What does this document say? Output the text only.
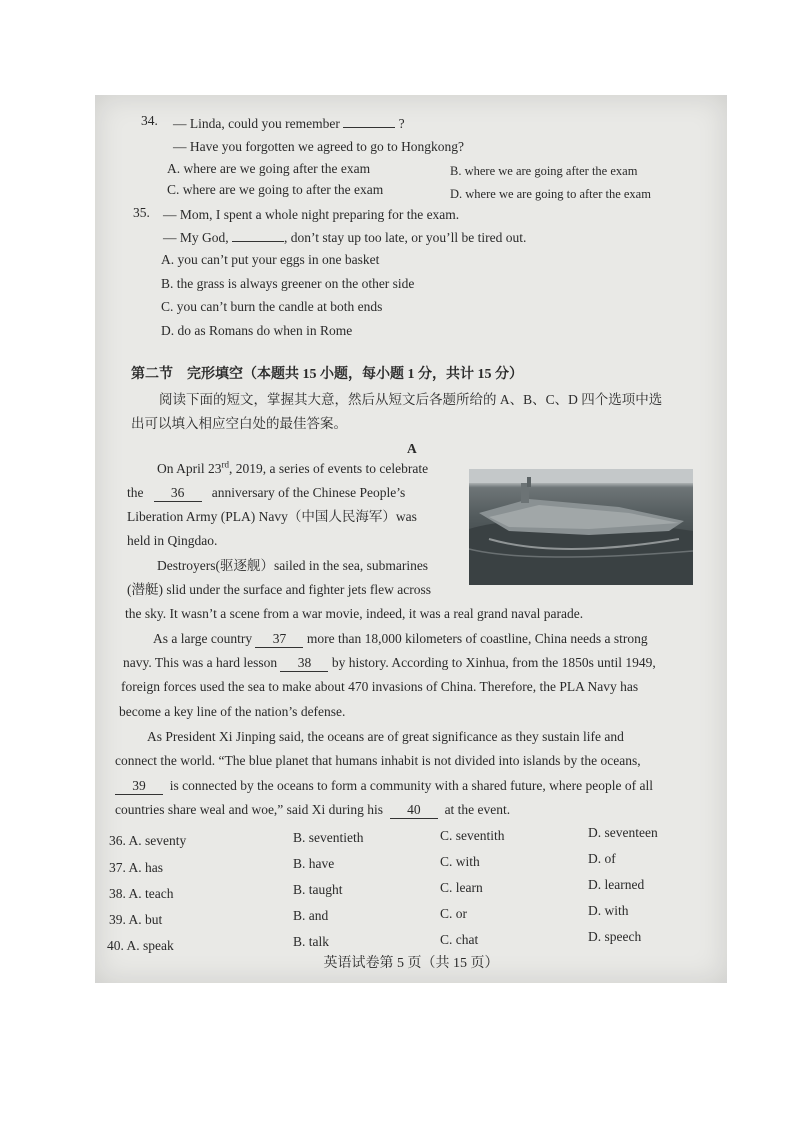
34. — Linda, could you remember	?
— Have you forgotten we agreed to go to Hongkong?
A. where are we going after the exam	B. where we are going after the exam
C. where are we going to after the exam	D. where we are going to after the exam
35. — Mom, I spent a whole night preparing for the exam.
— My God,	, don’t stay up too late, or you’ll be tired out.
A. you can’t put your eggs in one basket
B. the grass is always greener on the other side
C. you can’t burn the candle at both ends
D. do as Romans do when in Rome
第二节　完形填空（本题共 15 小题，每小题 1 分，共计 15 分）
阅读下面的短文，掌握其大意，然后从短文后各题所给的 A、B、C、D 四个选项中选
出可以填入相应空白处的最佳答案。
A
On April 23rd, 2019, a series of events to celebrate
the 36 anniversary of the Chinese People’s
Liberation Army (PLA) Navy（中国人民海军）was
held in Qingdao.
Destroyers(驱逐舰）sailed in the sea, submarines
(潜艇) slid under the surface and fighter jets flew across
the sky. It wasn’t a scene from a war movie, indeed, it was a real grand naval parade.
As a large country 37 more than 18,000 kilometers of coastline, China needs a strong
navy. This was a hard lesson 38 by history. According to Xinhua, from the 1850s until 1949,
foreign forces used the sea to make about 470 invasions of China. Therefore, the PLA Navy has
become a key line of the nation’s defense.
As President Xi Jinping said, the oceans are of great significance as they sustain life and
connect the world. “The blue planet that humans inhabit is not divided into islands by the oceans,
39 is connected by the oceans to form a community with a shared future, where people of all
countries share weal and woe,” said Xi during his 40 at the event.
36. A. seventy	B. seventieth	C. seventith	D. seventeen
37. A. has	B. have	C. with	D. of
38. A. teach	B. taught	C. learn	D. learned
39. A. but	B. and	C. or	D. with
40. A. speak	B. talk	C. chat	D. speech
英语试卷第 5 页（共 15 页）
